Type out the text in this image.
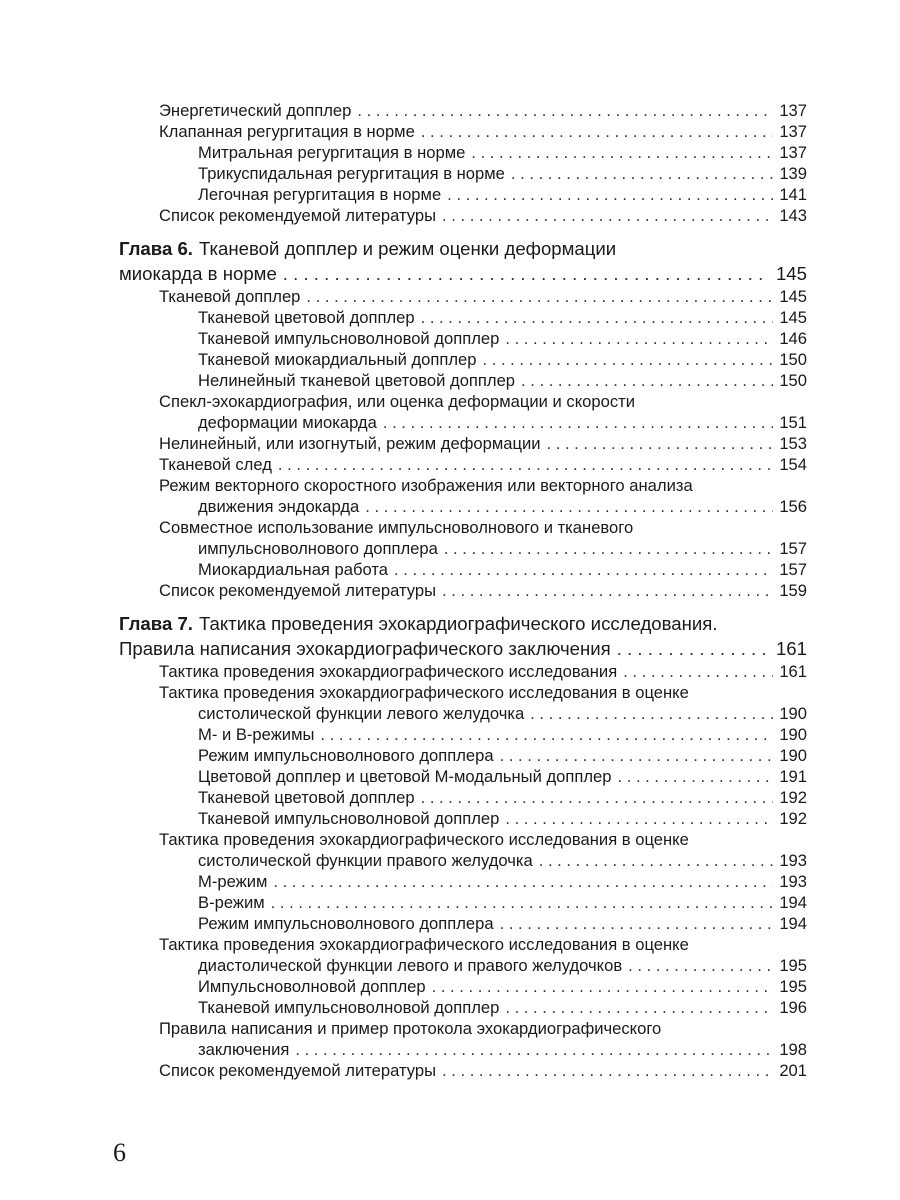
Энергетический допплер . . .	137
Клапанная регургитация в норме . . .	137
Митральная регургитация в норме . . .	137
Трикуспидальная регургитация в норме . . .	139
Легочная регургитация в норме . . .	141
Список рекомендуемой литературы . . .	143
Глава 6. Тканевой допплер и режим оценки деформации
миокарда в норме . . .	145
Тканевой допплер . . .	145
Тканевой цветовой допплер . . .	145
Тканевой импульсноволновой допплер . . .	146
Тканевой миокардиальный допплер . . .	150
Нелинейный тканевой цветовой допплер . . .	150
Спекл-эхокардиография, или оценка деформации и скорости
деформации миокарда . . .	151
Нелинейный, или изогнутый, режим деформации . . .	153
Тканевой след . . .	154
Режим векторного скоростного изображения или векторного анализа
движения эндокарда . . .	156
Совместное использование импульсноволнового и тканевого
импульсноволнового допплера . . .	157
Миокардиальная работа . . .	157
Список рекомендуемой литературы . . .	159
Глава 7. Тактика проведения эхокардиографического исследования.
Правила написания эхокардиографического заключения . . .	161
Тактика проведения эхокардиографического исследования . . .	161
Тактика проведения эхокардиографического исследования в оценке
систолической функции левого желудочка . . .	190
М- и В-режимы . . .	190
Режим импульсноволнового допплера . . .	190
Цветовой допплер и цветовой М-модальный допплер . . .	191
Тканевой цветовой допплер . . .	192
Тканевой импульсноволновой допплер . . .	192
Тактика проведения эхокардиографического исследования в оценке
систолической функции правого желудочка . . .	193
М-режим . . .	193
В-режим . . .	194
Режим импульсноволнового допплера . . .	194
Тактика проведения эхокардиографического исследования в оценке
диастолической функции левого и правого желудочков . . .	195
Импульсноволновой допплер . . .	195
Тканевой импульсноволновой допплер . . .	196
Правила написания и пример протокола эхокардиографического
заключения . . .	198
Список рекомендуемой литературы . . .	201
6
